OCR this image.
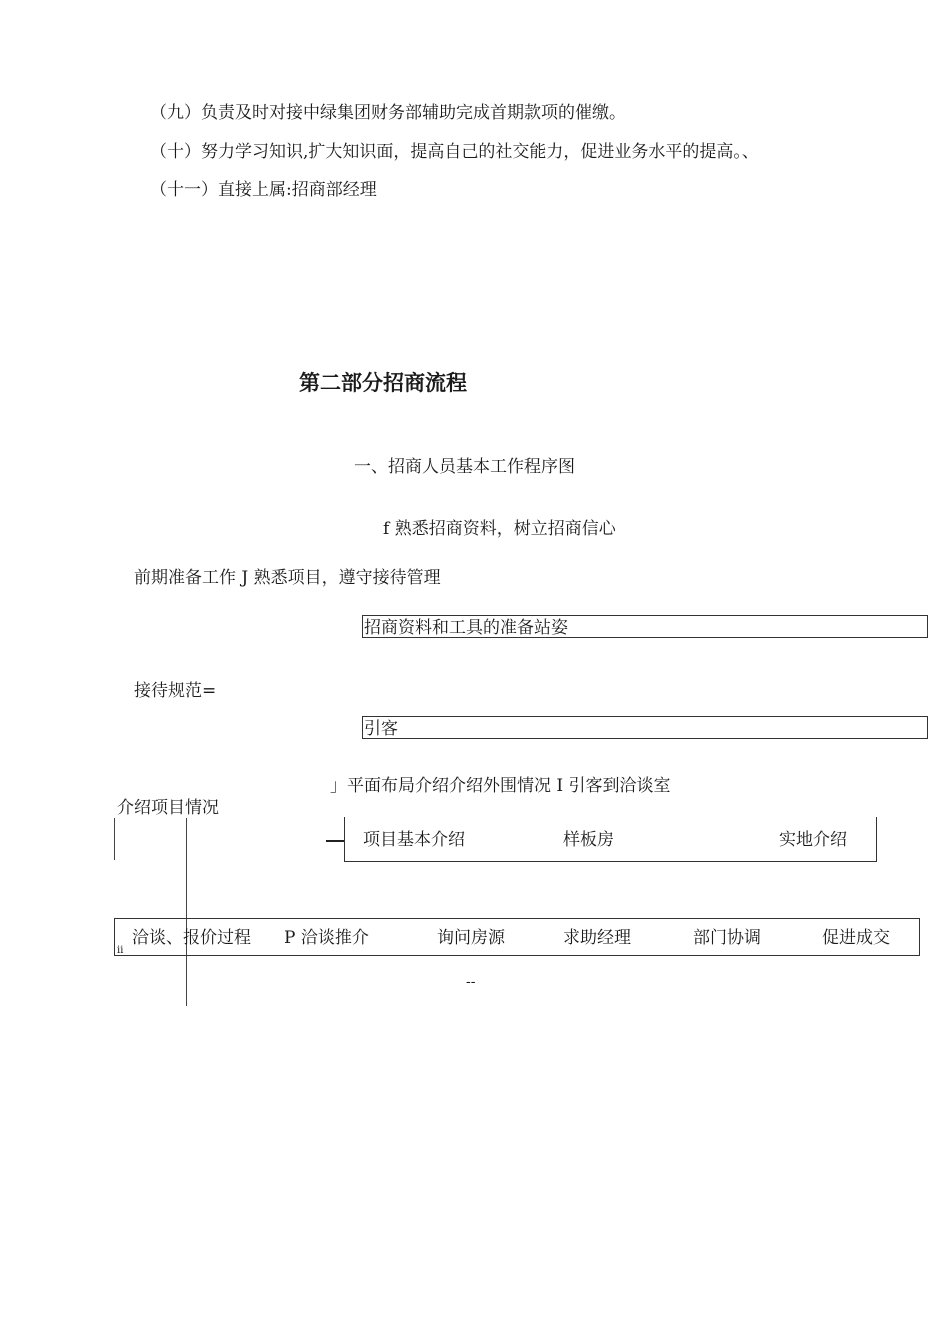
（九）负责及时对接中绿集团财务部辅助完成首期款项的催缴。
（十）努力学习知识,扩大知识面，提高自己的社交能力，促进业务水平的提高。、
（十一）直接上属:招商部经理
第二部分招商流程
一、招商人员基本工作程序图
f 熟悉招商资料，树立招商信心
前期准备工作 J 熟悉项目，遵守接待管理
招商资料和工具的准备站姿
接待规范=
引客
」平面布局介绍介绍外围情况 I 引客到洽谈室
介绍项目情况
项目基本介绍	样板房	实地介绍
洽谈、报价过程 P 洽谈推介	询问房源	求助经理	部门协调	促进成交
ⅱ
--
